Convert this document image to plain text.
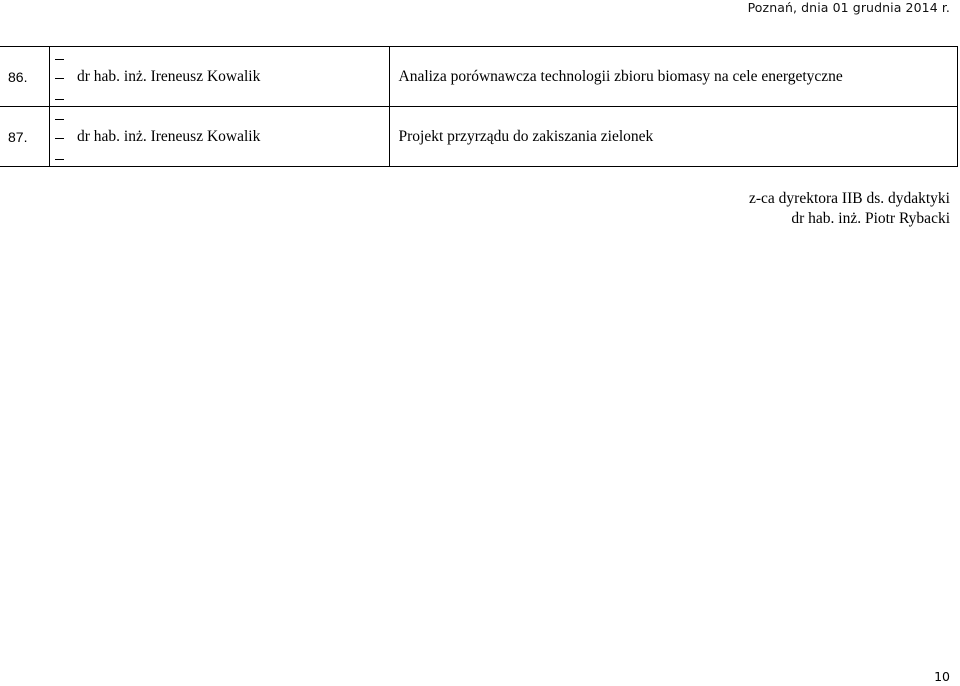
Poznań, dnia 01 grudnia 2014 r.
86.		dr hab. inż. Ireneusz Kowalik	Analiza porównawcza technologii zbioru biomasy na cele energetyczne
87.		dr hab. inż. Ireneusz Kowalik	Projekt przyrządu do zakiszania zielonek
z-ca dyrektora IIB ds. dydaktyki
dr hab. inż. Piotr Rybacki
10
